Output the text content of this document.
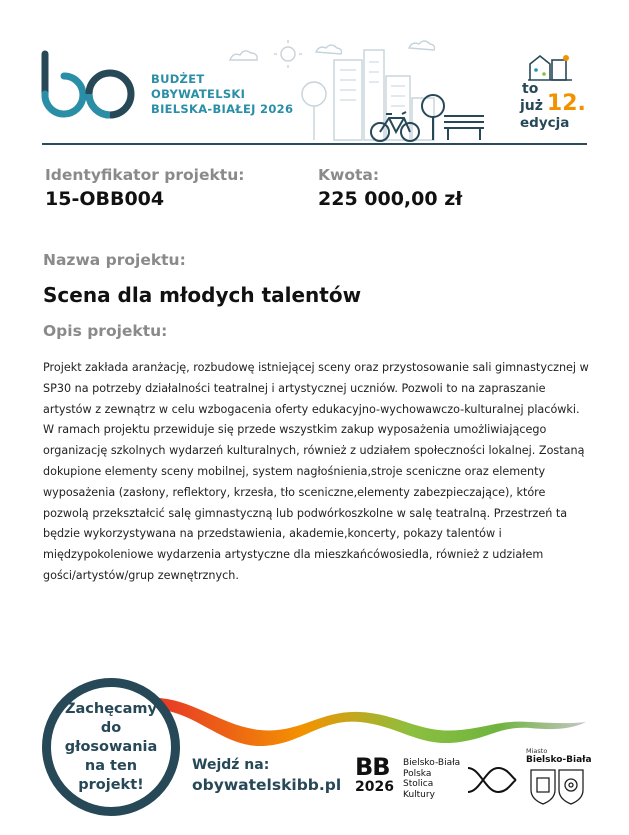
BUDŻET
OBYWATELSKI
BIELSKA-BIAŁEJ 2026
to
już 12.
edycja
Identyfikator projektu:
15-OBB004
Kwota:
225 000,00 zł
Nazwa projektu:
Scena dla młodych talentów
Opis projektu:
Projekt zakłada aranżację, rozbudowę istniejącej sceny oraz przystosowanie sali gimnastycznej w SP30 na potrzeby działalności teatralnej i artystycznej uczniów. Pozwoli to na zapraszanie artystów z zewnątrz w celu wzbogacenia oferty edukacyjno-wychowawczo-kulturalnej placówki. W ramach projektu przewiduje się przede wszystkim zakup wyposażenia umożliwiającego organizację szkolnych wydarzeń kulturalnych, również z udziałem społeczności lokalnej. Zostaną dokupione elementy sceny mobilnej, system nagłośnienia,stroje sceniczne oraz elementy wyposażenia (zasłony, reflektory, krzesła, tło sceniczne,elementy zabezpieczające), które pozwolą przekształcić salę gimnastyczną lub podwórkoszkolne w salę teatralną. Przestrzeń ta będzie wykorzystywana na przedstawienia, akademie,koncerty, pokazy talentów i międzypokoleniowe wydarzenia artystyczne dla mieszkańcówosiedla, również z udziałem gości/artystów/grup zewnętrznych.
Zachęcamy
do głosowania
na ten
projekt!
Wejdź na:
obywatelskibb.pl
BB
2026
Bielsko-Biała
Polska
Stolica
Kultury
Miasto
Bielsko-Biała
